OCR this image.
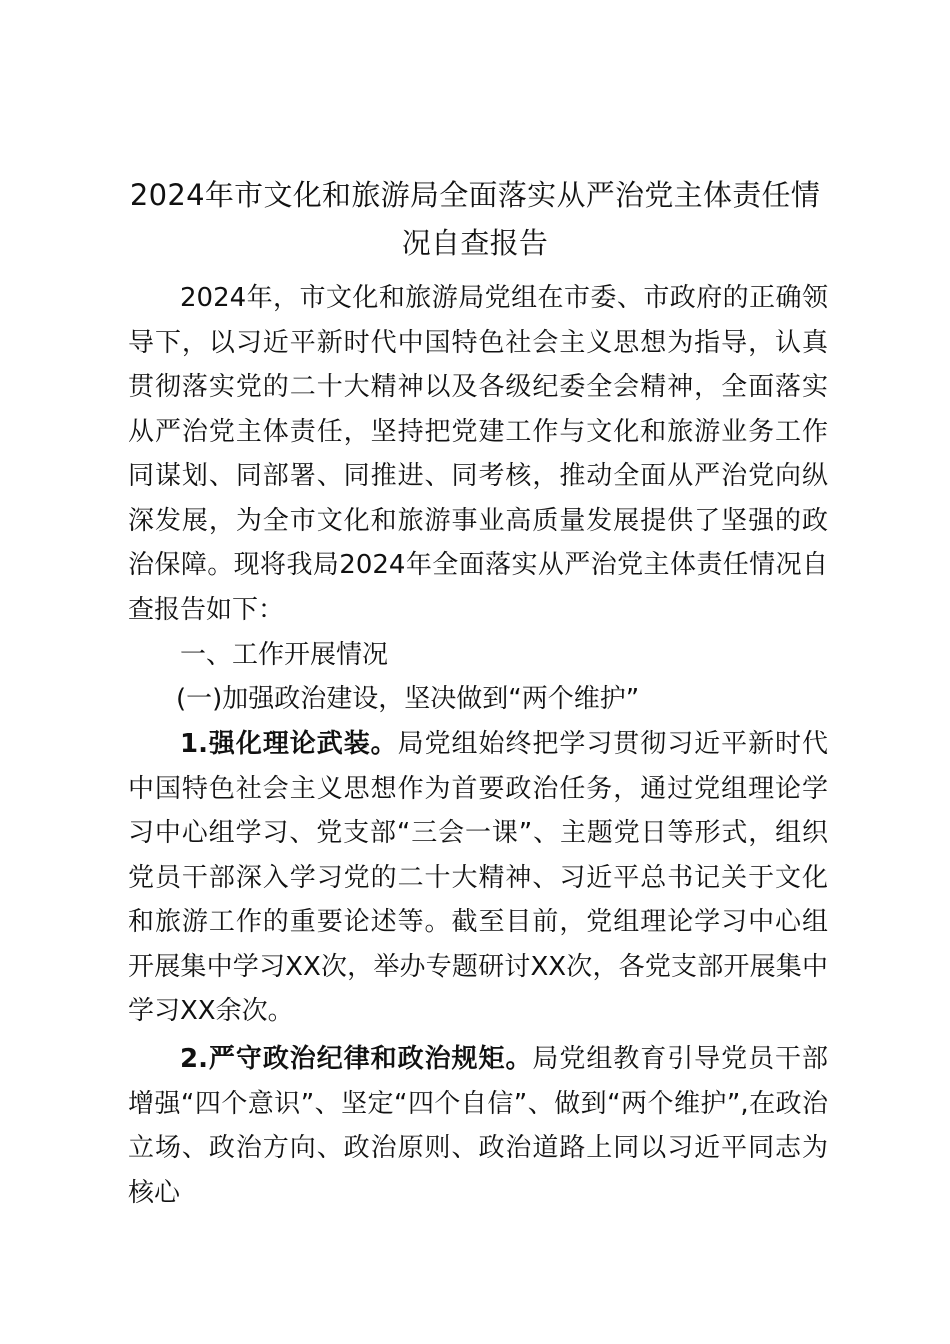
2024年市文化和旅游局全面落实从严治党主体责任情况自查报告

2024年，市文化和旅游局党组在市委、市政府的正确领导下，以习近平新时代中国特色社会主义思想为指导，认真贯彻落实党的二十大精神以及各级纪委全会精神，全面落实从严治党主体责任，坚持把党建工作与文化和旅游业务工作同谋划、同部署、同推进、同考核，推动全面从严治党向纵深发展，为全市文化和旅游事业高质量发展提供了坚强的政治保障。现将我局2024年全面落实从严治党主体责任情况自查报告如下：

一、工作开展情况

(一)加强政治建设，坚决做到“两个维护”

1.强化理论武装。局党组始终把学习贯彻习近平新时代中国特色社会主义思想作为首要政治任务，通过党组理论学习中心组学习、党支部“三会一课”、主题党日等形式，组织党员干部深入学习党的二十大精神、习近平总书记关于文化和旅游工作的重要论述等。截至目前，党组理论学习中心组开展集中学习XX次，举办专题研讨XX次，各党支部开展集中学习XX余次。

2.严守政治纪律和政治规矩。局党组教育引导党员干部增强“四个意识”、坚定“四个自信”、做到“两个维护”,在政治立场、政治方向、政治原则、政治道路上同以习近平同志为核心
